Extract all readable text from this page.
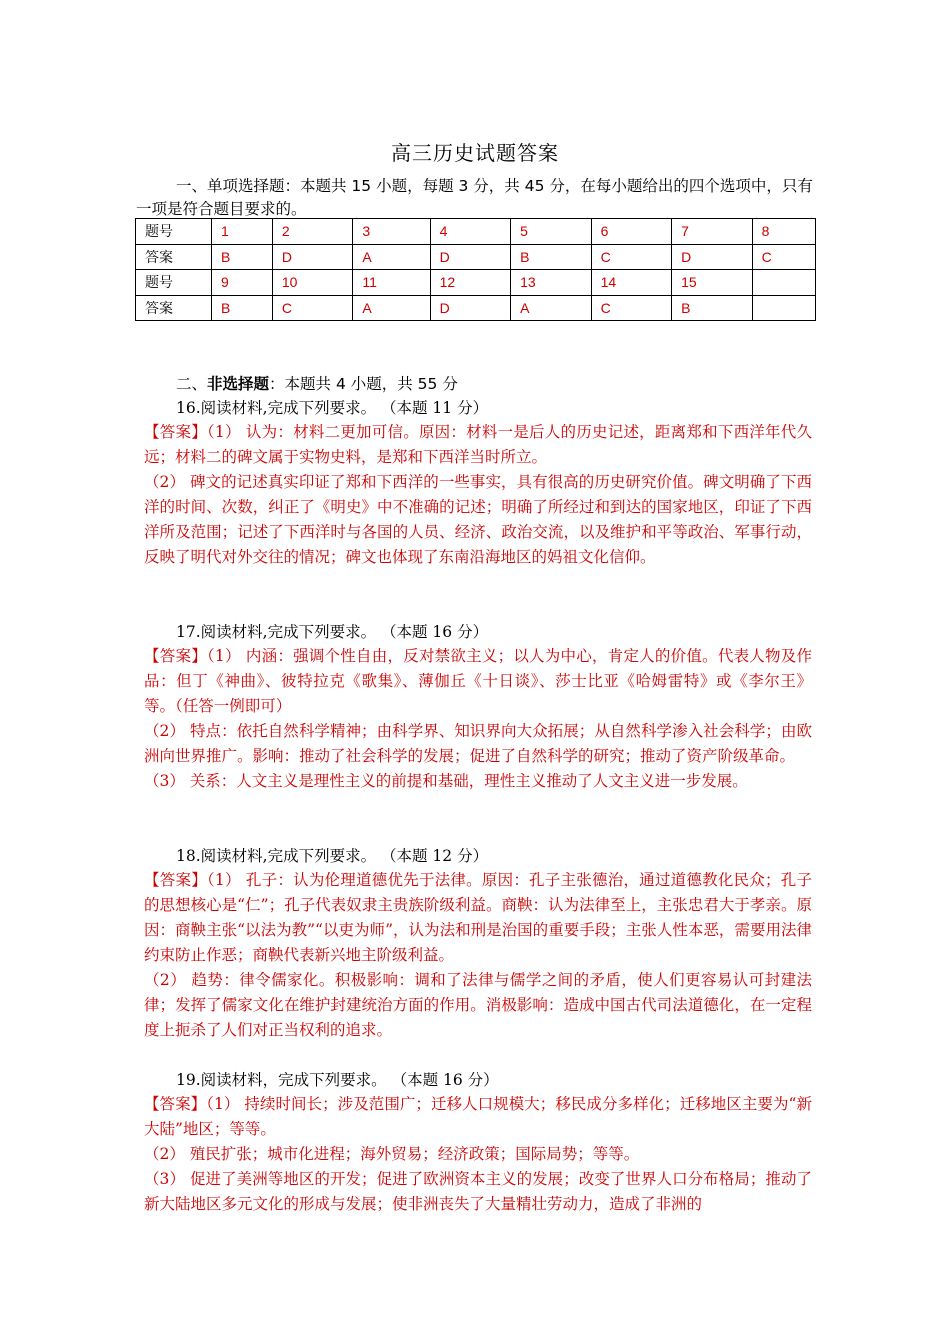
高三历史试题答案
一、单项选择题：本题共 15 小题，每题 3 分，共 45 分，在每小题给出的四个选项中，只有一项是符合题目要求的。
题号	1	2	3	4	5	6	7	8
答案	B	D	A	D	B	C	D	C
题号	9	10	11	12	13	14	15	
答案	B	C	A	D	A	C	B	
二、非选择题：本题共 4 小题，共 55 分
16.阅读材料,完成下列要求。 （本题 11 分）

【答案】（1） 认为：材料二更加可信。原因：材料一是后人的历史记述，距离郑和下西洋年代久远；材料二的碑文属于实物史料，是郑和下西洋当时所立。

（2） 碑文的记述真实印证了郑和下西洋的一些事实，具有很高的历史研究价值。碑文明确了下西洋的时间、次数，纠正了《明史》中不准确的记述；明确了所经过和到达的国家地区，印证了下西洋所及范围；记述了下西洋时与各国的人员、经济、政治交流，以及维护和平等政治、军事行动，反映了明代对外交往的情况；碑文也体现了东南沿海地区的妈祖文化信仰。

17.阅读材料,完成下列要求。 （本题 16 分）

【答案】（1） 内涵：强调个性自由，反对禁欲主义；以人为中心，肯定人的价值。代表人物及作品：但丁《神曲》、彼特拉克《歌集》、薄伽丘《十日谈》、莎士比亚《哈姆雷特》或《李尔王》等。（任答一例即可）

（2） 特点：依托自然科学精神；由科学界、知识界向大众拓展；从自然科学渗入社会科学；由欧洲向世界推广。影响：推动了社会科学的发展；促进了自然科学的研究；推动了资产阶级革命。

（3） 关系：人文主义是理性主义的前提和基础，理性主义推动了人文主义进一步发展。

18.阅读材料,完成下列要求。 （本题 12 分）

【答案】（1） 孔子：认为伦理道德优先于法律。原因：孔子主张德治，通过道德教化民众；孔子的思想核心是“仁”；孔子代表奴隶主贵族阶级利益。商鞅：认为法律至上，主张忠君大于孝亲。原因：商鞅主张“以法为教”“以吏为师”，认为法和刑是治国的重要手段；主张人性本恶，需要用法律约束防止作恶；商鞅代表新兴地主阶级利益。

（2） 趋势：律令儒家化。积极影响：调和了法律与儒学之间的矛盾，使人们更容易认可封建法律；发挥了儒家文化在维护封建统治方面的作用。消极影响：造成中国古代司法道德化，在一定程度上扼杀了人们对正当权利的追求。

19.阅读材料，完成下列要求。 （本题 16 分）

【答案】（1） 持续时间长；涉及范围广；迁移人口规模大；移民成分多样化；迁移地区主要为“新大陆”地区；等等。

（2） 殖民扩张；城市化进程；海外贸易；经济政策；国际局势；等等。

（3） 促进了美洲等地区的开发；促进了欧洲资本主义的发展；改变了世界人口分布格局；推动了新大陆地区多元文化的形成与发展；使非洲丧失了大量精壮劳动力，造成了非洲的
